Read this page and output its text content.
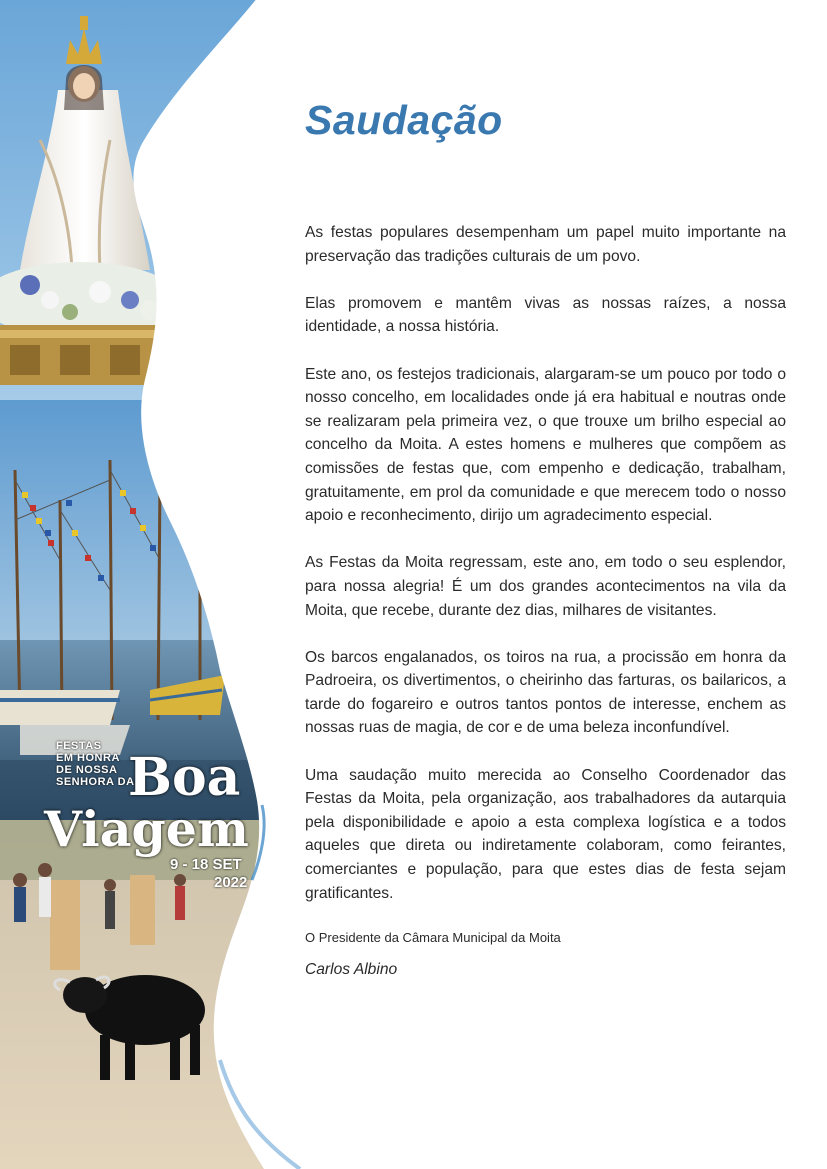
FESTAS
EM HONRA
DE NOSSA
SENHORA DA
Boa
Viagem
9 - 18 SET
2022
Saudação

As festas populares desempenham um papel muito importante na preservação das tradições culturais de um povo.

Elas promovem e mantêm vivas as nossas raízes, a nossa identidade, a nossa história.

Este ano, os festejos tradicionais, alargaram-se um pouco por todo o nosso concelho, em localidades onde já era habitual e noutras onde se realizaram pela primeira vez, o que trouxe um brilho especial ao concelho da Moita. A estes homens e mulheres que compõem as comissões de festas que, com empenho e dedicação, trabalham, gratuitamente, em prol da comunidade e que merecem todo o nosso apoio e reconhecimento, dirijo um agradecimento especial.

As Festas da Moita regressam, este ano, em todo o seu esplendor, para nossa alegria! É um dos grandes acontecimentos na vila da Moita, que recebe, durante dez dias, milhares de visitantes.

Os barcos engalanados, os toiros na rua, a procissão em honra da Padroeira, os divertimentos, o cheirinho das farturas, os bailaricos, a tarde do fogareiro e outros tantos pontos de interesse, enchem as nossas ruas de magia, de cor e de uma beleza inconfundível.

Uma saudação muito merecida ao Conselho Coordenador das Festas da Moita, pela organização, aos trabalhadores da autarquia pela disponibilidade e apoio a esta complexa logística e a todos aqueles que direta ou indiretamente colaboram, como feirantes, comerciantes e população, para que estes dias de festa sejam gratificantes.

O Presidente da Câmara Municipal da Moita

Carlos Albino
